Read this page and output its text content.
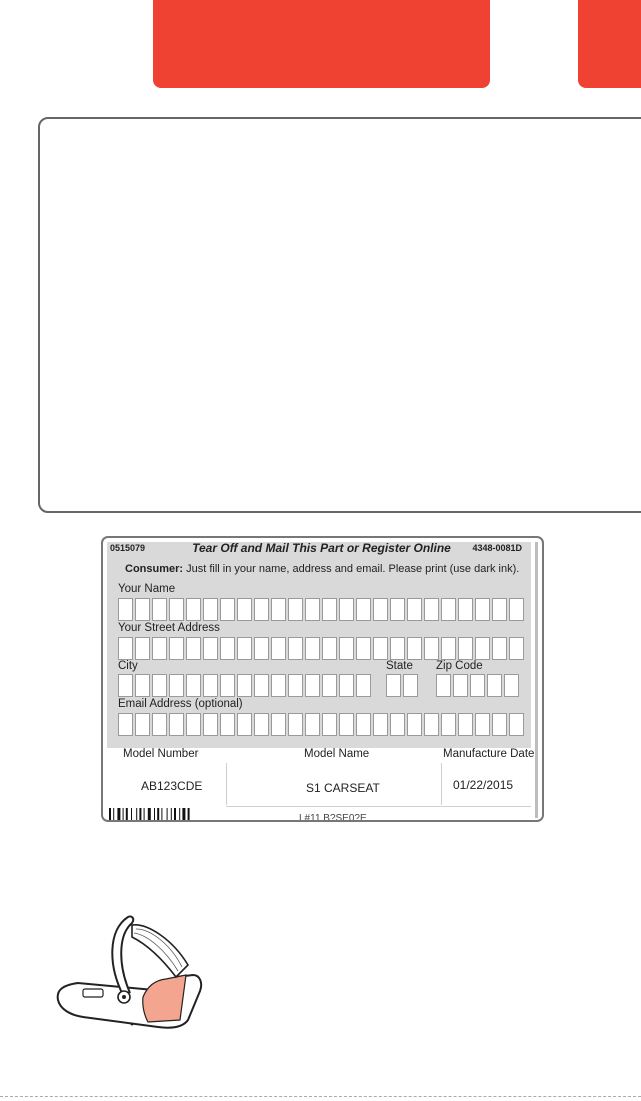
0515079	Tear Off and Mail This Part or Register Online	4348-0081D
Consumer: Just fill in your name, address and email. Please print (use dark ink).
Your Name
Your Street Address
City	State Zip Code
Email Address (optional)
Model Number	Model Name	Manufacture Date
AB123CDE	S1 CARSEAT	01/22/2015
L#11 B?SE0?E
